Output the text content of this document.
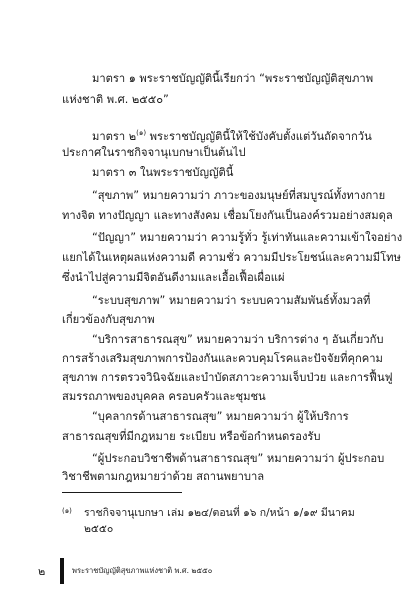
มาตรา ๑ พระราชบัญญัตินี้เรียกว่า “พระราชบัญญัติสุขภาพ
แห่งชาติ พ.ศ. ๒๕๕๐”
มาตรา ๒$^{(๑)}$ พระราชบัญญัตินี้ให้ใช้บังคับตั้งแต่วันถัดจากวัน
ประกาศในราชกิจจานุเบกษาเป็นต้นไป
มาตรา ๓ ในพระราชบัญญัตินี้
“สุขภาพ” หมายความว่า ภาวะของมนุษย์ที่สมบูรณ์ทั้งทางกาย
ทางจิต ทางปัญญา และทางสังคม เชื่อมโยงกันเป็นองค์รวมอย่างสมดุล
“ปัญญา” หมายความว่า ความรู้ทั่ว รู้เท่าทันและความเข้าใจอย่าง
แยกได้ในเหตุผลแห่งความดี ความชั่ว ความมีประโยชน์และความมีโทษ
ซึ่งนำไปสู่ความมีจิตอันดีงามและเอื้อเฟื้อเผื่อแผ่
“ระบบสุขภาพ” หมายความว่า ระบบความสัมพันธ์ทั้งมวลที่
เกี่ยวข้องกับสุขภาพ
“บริการสาธารณสุข” หมายความว่า บริการต่าง ๆ อันเกี่ยวกับ
การสร้างเสริมสุขภาพการป้องกันและควบคุมโรคและปัจจัยที่คุกคาม
สุขภาพ การตรวจวินิจฉัยและบำบัดสภาวะความเจ็บป่วย และการฟื้นฟู
สมรรถภาพของบุคคล ครอบครัวและชุมชน
“บุคลากรด้านสาธารณสุข” หมายความว่า ผู้ให้บริการ
สาธารณสุขที่มีกฎหมาย ระเบียบ หรือข้อกำหนดรองรับ
“ผู้ประกอบวิชาชีพด้านสาธารณสุข” หมายความว่า ผู้ประกอบ
วิชาชีพตามกฎหมายว่าด้วย สถานพยาบาล
๒	พระราชบัญญัติสุขภาพแห่งชาติ พ.ศ. ๒๕๕๐
(๑) ราชกิจจานุเบกษา เล่ม ๑๒๔/ตอนที่ ๑๖ ก/หน้า ๑/๑๙ มีนาคม
๒๕๕๐
